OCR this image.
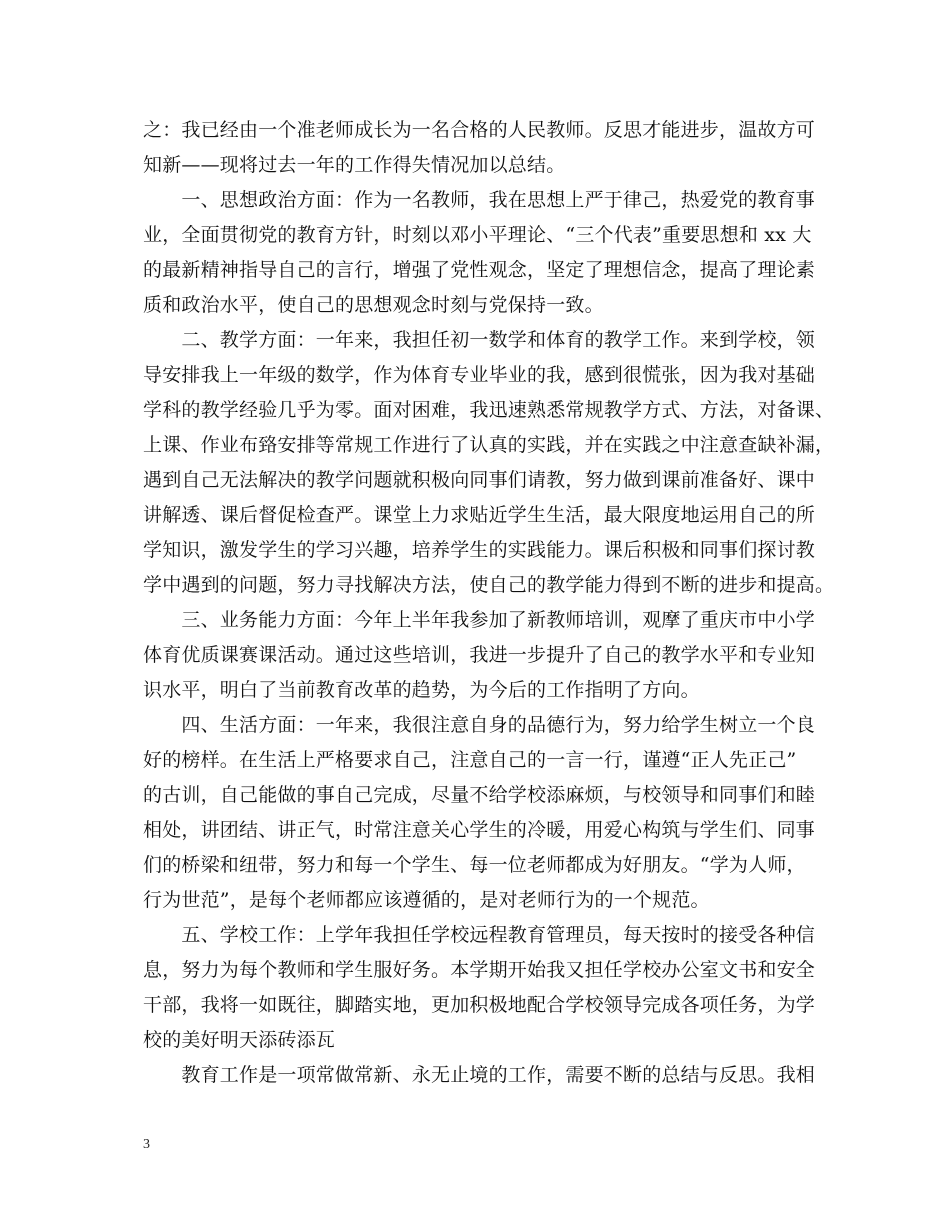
之：我已经由一个准老师成长为一名合格的人民教师。反思才能进步，温故方可
知新——现将过去一年的工作得失情况加以总结。
　　一、思想政治方面：作为一名教师，我在思想上严于律己，热爱党的教育事
业，全面贯彻党的教育方针，时刻以邓小平理论、“三个代表”重要思想和 xx 大
的最新精神指导自己的言行，增强了党性观念，坚定了理想信念，提高了理论素
质和政治水平，使自己的思想观念时刻与党保持一致。
　　二、教学方面：一年来，我担任初一数学和体育的教学工作。来到学校，领
导安排我上一年级的数学，作为体育专业毕业的我，感到很慌张，因为我对基础
学科的教学经验几乎为零。面对困难，我迅速熟悉常规教学方式、方法，对备课、
上课、作业布臵安排等常规工作进行了认真的实践，并在实践之中注意查缺补漏，
遇到自己无法解决的教学问题就积极向同事们请教，努力做到课前准备好、课中
讲解透、课后督促检查严。课堂上力求贴近学生生活，最大限度地运用自己的所
学知识，激发学生的学习兴趣，培养学生的实践能力。课后积极和同事们探讨教
学中遇到的问题，努力寻找解决方法，使自己的教学能力得到不断的进步和提高。
　　三、业务能力方面：今年上半年我参加了新教师培训，观摩了重庆市中小学
体育优质课赛课活动。通过这些培训，我进一步提升了自己的教学水平和专业知
识水平，明白了当前教育改革的趋势，为今后的工作指明了方向。
　　四、生活方面：一年来，我很注意自身的品德行为，努力给学生树立一个良
好的榜样。在生活上严格要求自己，注意自己的一言一行，谨遵“正人先正己”
的古训，自己能做的事自己完成，尽量不给学校添麻烦，与校领导和同事们和睦
相处，讲团结、讲正气，时常注意关心学生的冷暖，用爱心构筑与学生们、同事
们的桥梁和纽带，努力和每一个学生、每一位老师都成为好朋友。“学为人师，
行为世范”，是每个老师都应该遵循的，是对老师行为的一个规范。
　　五、学校工作：上学年我担任学校远程教育管理员，每天按时的接受各种信
息，努力为每个教师和学生服好务。本学期开始我又担任学校办公室文书和安全
干部，我将一如既往，脚踏实地，更加积极地配合学校领导完成各项任务，为学
校的美好明天添砖添瓦
　　教育工作是一项常做常新、永无止境的工作，需要不断的总结与反思。我相
3
